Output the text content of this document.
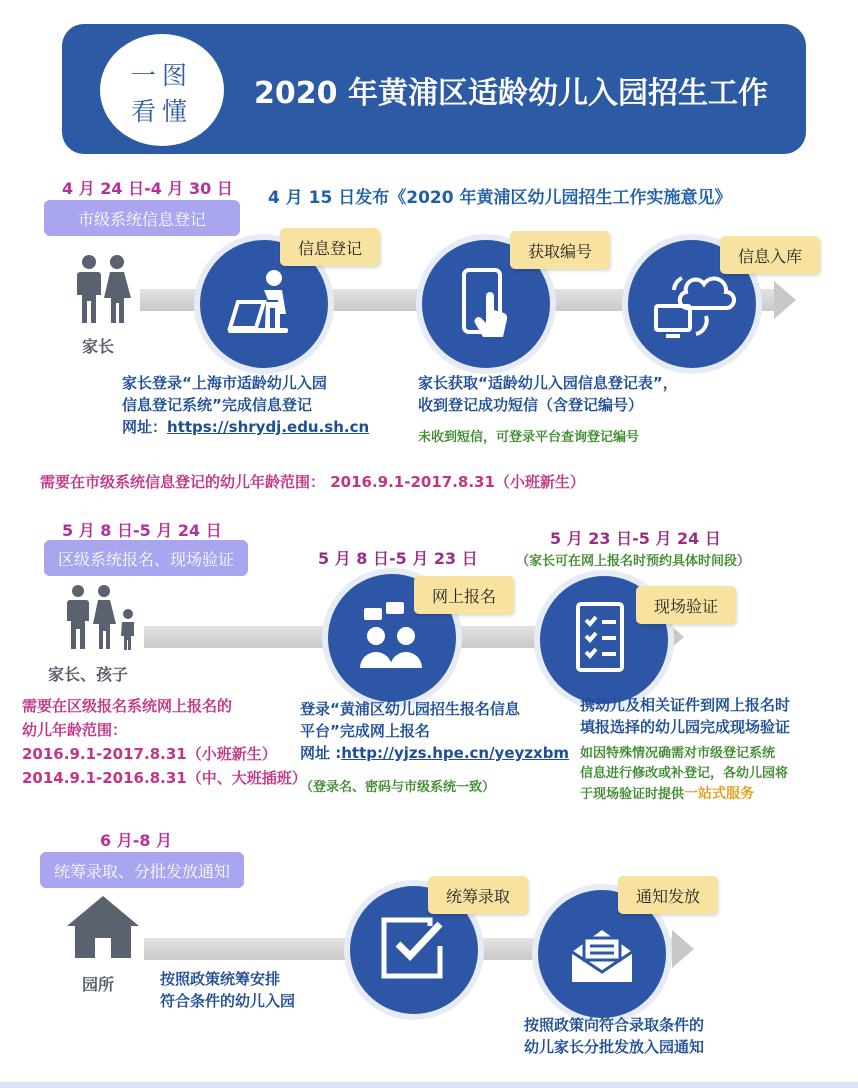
一图
看懂
2020 年黄浦区适龄幼儿入园招生工作
4 月 24 日-4 月 30 日
市级系统信息登记
4 月 15 日发布《2020 年黄浦区幼儿园招生工作实施意见》
家长
信息登记	获取编号	信息入库
家长登录“上海市适龄幼儿入园
信息登记系统”完成信息登记
网址：https://shrydj.edu.sh.cn
家长获取“适龄幼儿入园信息登记表”，
收到登记成功短信（含登记编号）
未收到短信，可登录平台查询登记编号
需要在市级系统信息登记的幼儿年龄范围： 2016.9.1-2017.8.31（小班新生）
5 月 8 日-5 月 24 日
区级系统报名、现场验证	5 月 8 日-5 月 23 日
5 月 23 日-5 月 24 日
（家长可在网上报名时预约具体时间段）
家长、孩子
网上报名
现场验证
需要在区级报名系统网上报名的
幼儿年龄范围：
2016.9.1-2017.8.31（小班新生）
2014.9.1-2016.8.31（中、大班插班）
登录“黄浦区幼儿园招生报名信息
平台”完成网上报名
网址 :http://yjzs.hpe.cn/yeyzxbm
（登录名、密码与市级系统一致）
携幼儿及相关证件到网上报名时
填报选择的幼儿园完成现场验证
如因特殊情况确需对市级登记系统
信息进行修改或补登记，各幼儿园将
于现场验证时提供一站式服务
6 月-8 月
统筹录取、分批发放通知
园所
统筹录取	通知发放
按照政策统筹安排
符合条件的幼儿入园
按照政策向符合录取条件的
幼儿家长分批发放入园通知
